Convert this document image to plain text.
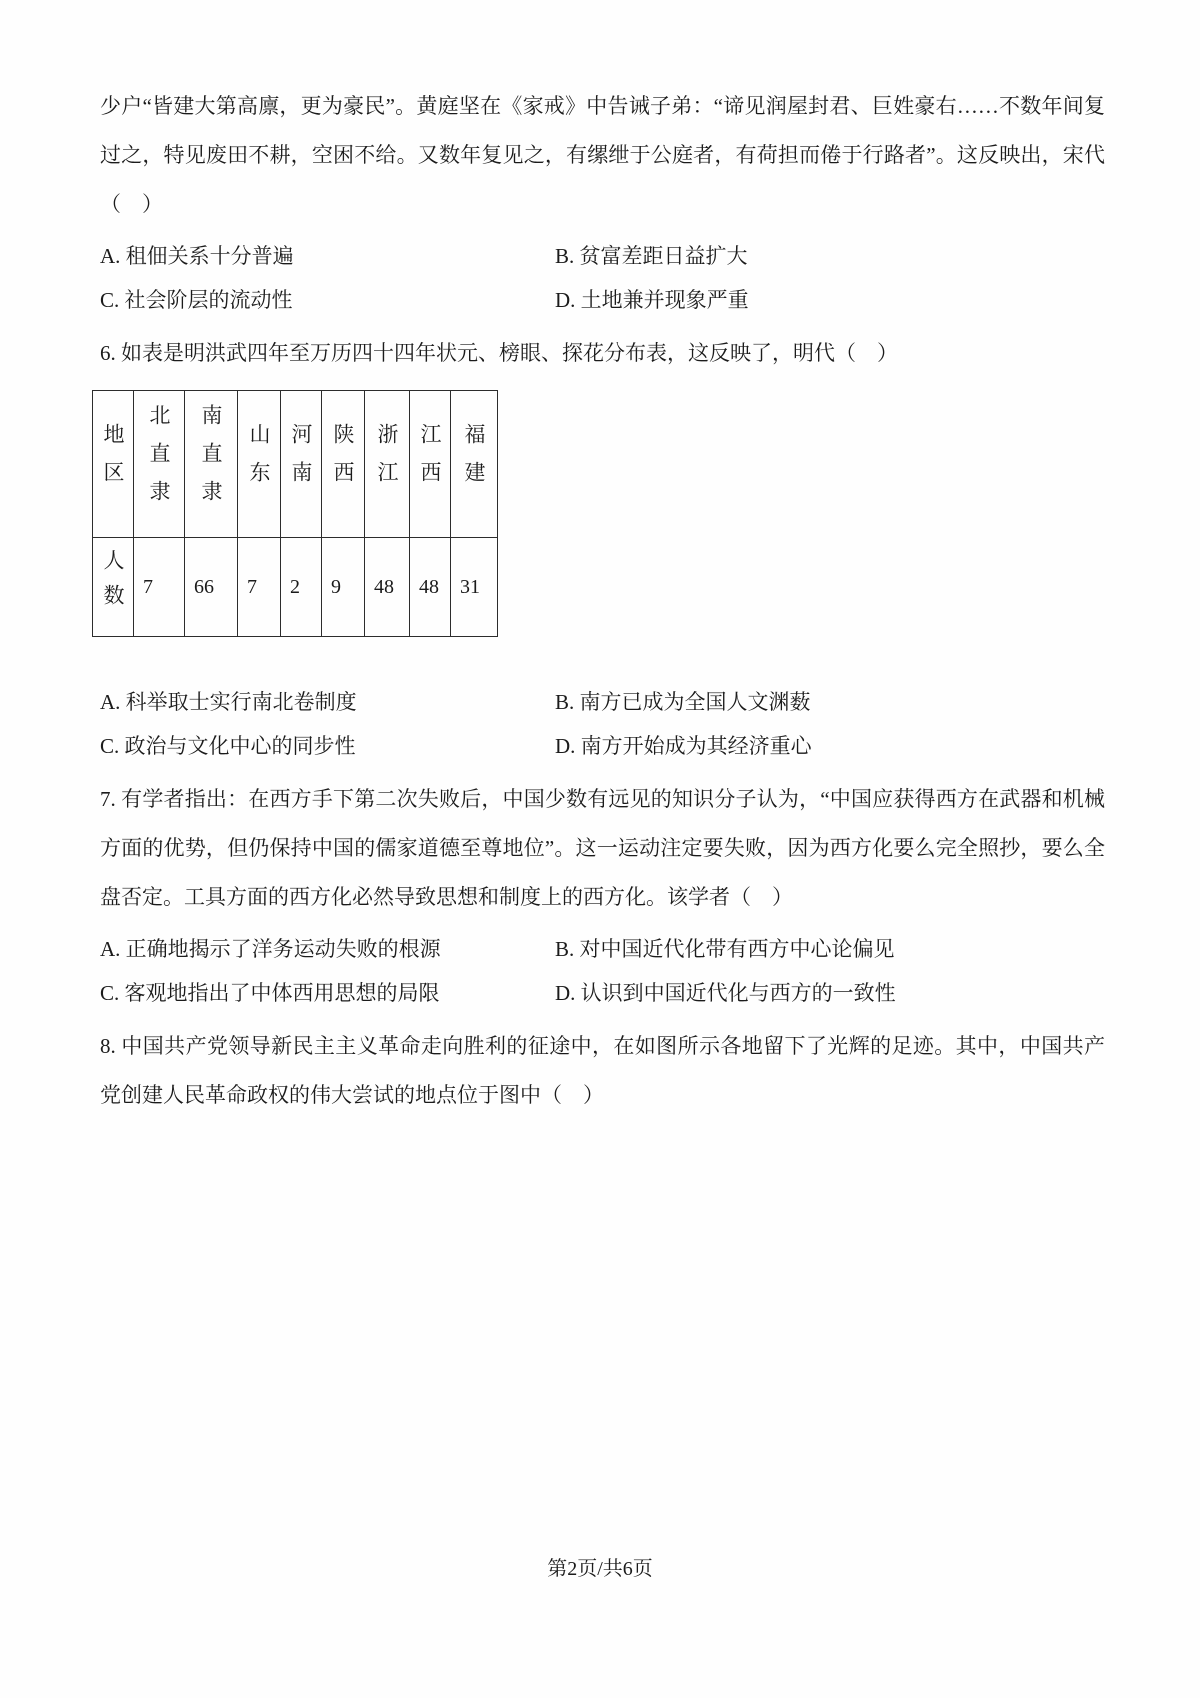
少户“皆建大第高廪，更为豪民”。黄庭坚在《家戒》中告诫子弟：“谛见润屋封君、巨姓豪右……不数年间复过之，特见废田不耕，空困不给。又数年复见之，有缧绁于公庭者，有荷担而倦于行路者”。这反映出，宋代（　）

A. 租佃关系十分普遍	B. 贫富差距日益扩大
C. 社会阶层的流动性	D. 土地兼并现象严重

6. 如表是明洪武四年至万历四十四年状元、榜眼、探花分布表，这反映了，明代（　）

地区	北直隶	南直隶	山东	河南	陕西	浙江	江西	福建
人数	7	66	7	2	9	48	48	31
A. 科举取士实行南北卷制度	B. 南方已成为全国人文渊薮
C. 政治与文化中心的同步性	D. 南方开始成为其经济重心

7. 有学者指出：在西方手下第二次失败后，中国少数有远见的知识分子认为，“中国应获得西方在武器和机械方面的优势，但仍保持中国的儒家道德至尊地位”。这一运动注定要失败，因为西方化要么完全照抄，要么全盘否定。工具方面的西方化必然导致思想和制度上的西方化。该学者（　）

A. 正确地揭示了洋务运动失败的根源	B. 对中国近代化带有西方中心论偏见
C. 客观地指出了中体西用思想的局限	D. 认识到中国近代化与西方的一致性

8. 中国共产党领导新民主主义革命走向胜利的征途中，在如图所示各地留下了光辉的足迹。其中，中国共产党创建人民革命政权的伟大尝试的地点位于图中（　）

第2页/共6页
